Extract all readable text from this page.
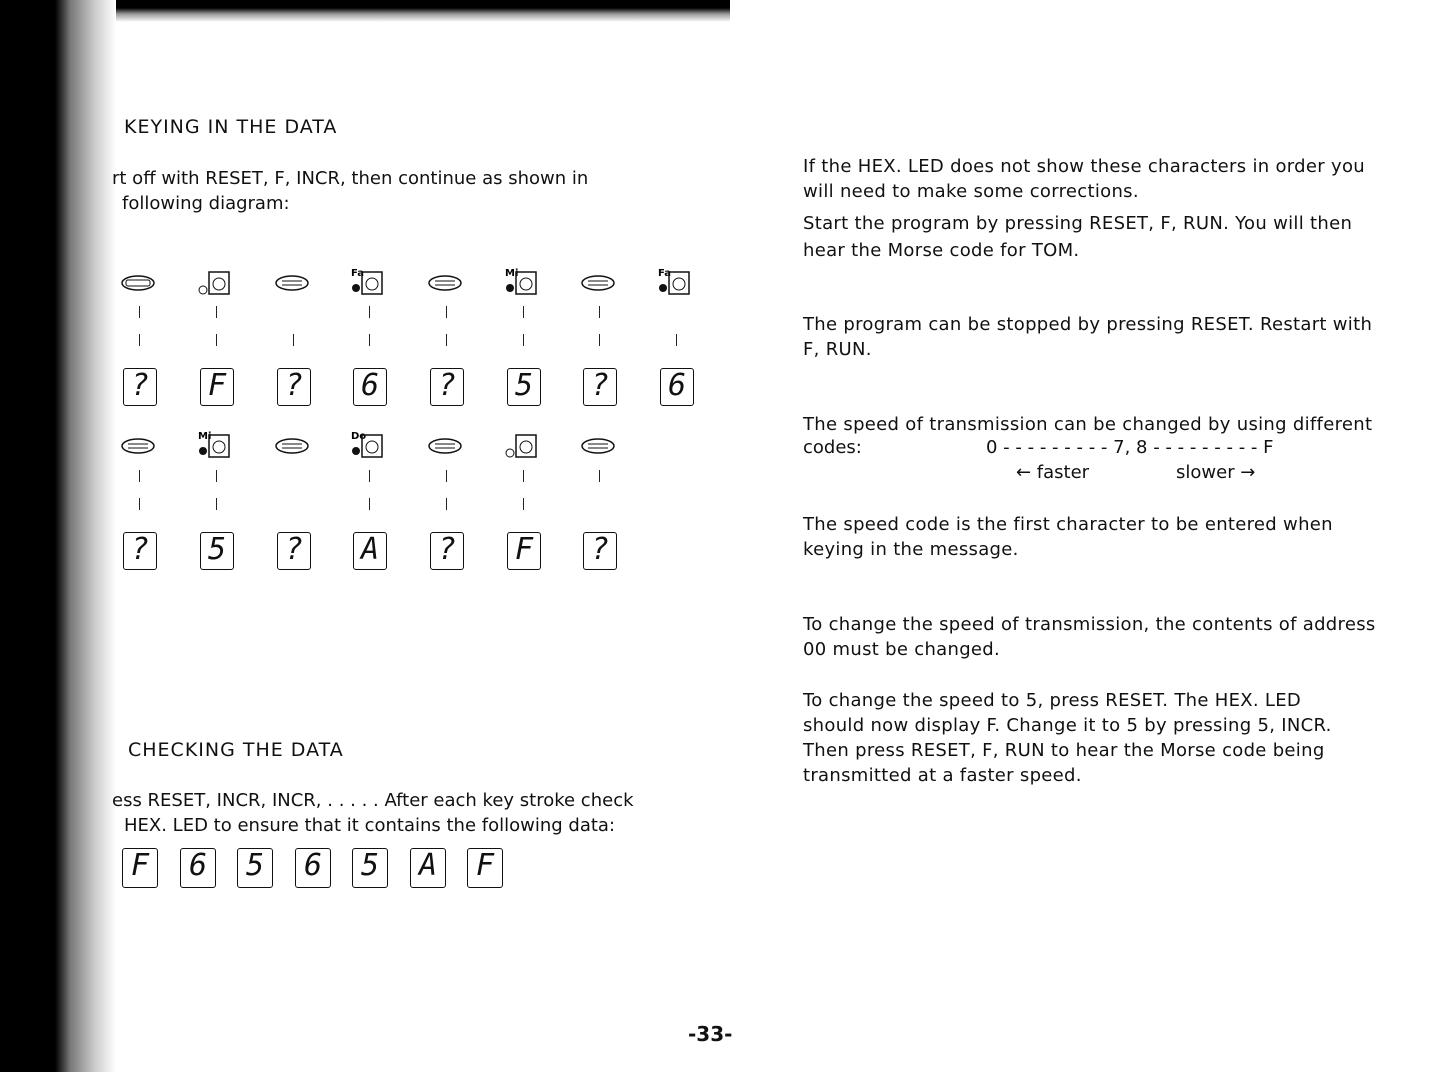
KEYING IN THE DATA

rt off with RESET, F, INCR, then continue as shown in
following diagram:

Fa	Mi	Fa
? F ? 6 ? 5 ? 6
Mi	Do
? 5 ? A ? F ?
CHECKING THE DATA

ess RESET, INCR, INCR, . . . . . After each key stroke check
HEX. LED to ensure that it contains the following data:

F 6 5 6 5 A F

If the HEX. LED does not show these characters in order you
will need to make some corrections.

Start the program by pressing RESET, F, RUN. You will then
hear the Morse code for TOM.

The program can be stopped by pressing RESET. Restart with
F, RUN.

The speed of transmission can be changed by using different

codes:	0 - - - - - - - - - 7, 8 - - - - - - - - - F
← faster	slower →

The speed code is the first character to be entered when
keying in the message.

To change the speed of transmission, the contents of address
00 must be changed.

To change the speed to 5, press RESET. The HEX. LED
should now display F. Change it to 5 by pressing 5, INCR.
Then press RESET, F, RUN to hear the Morse code being
transmitted at a faster speed.

-33-
